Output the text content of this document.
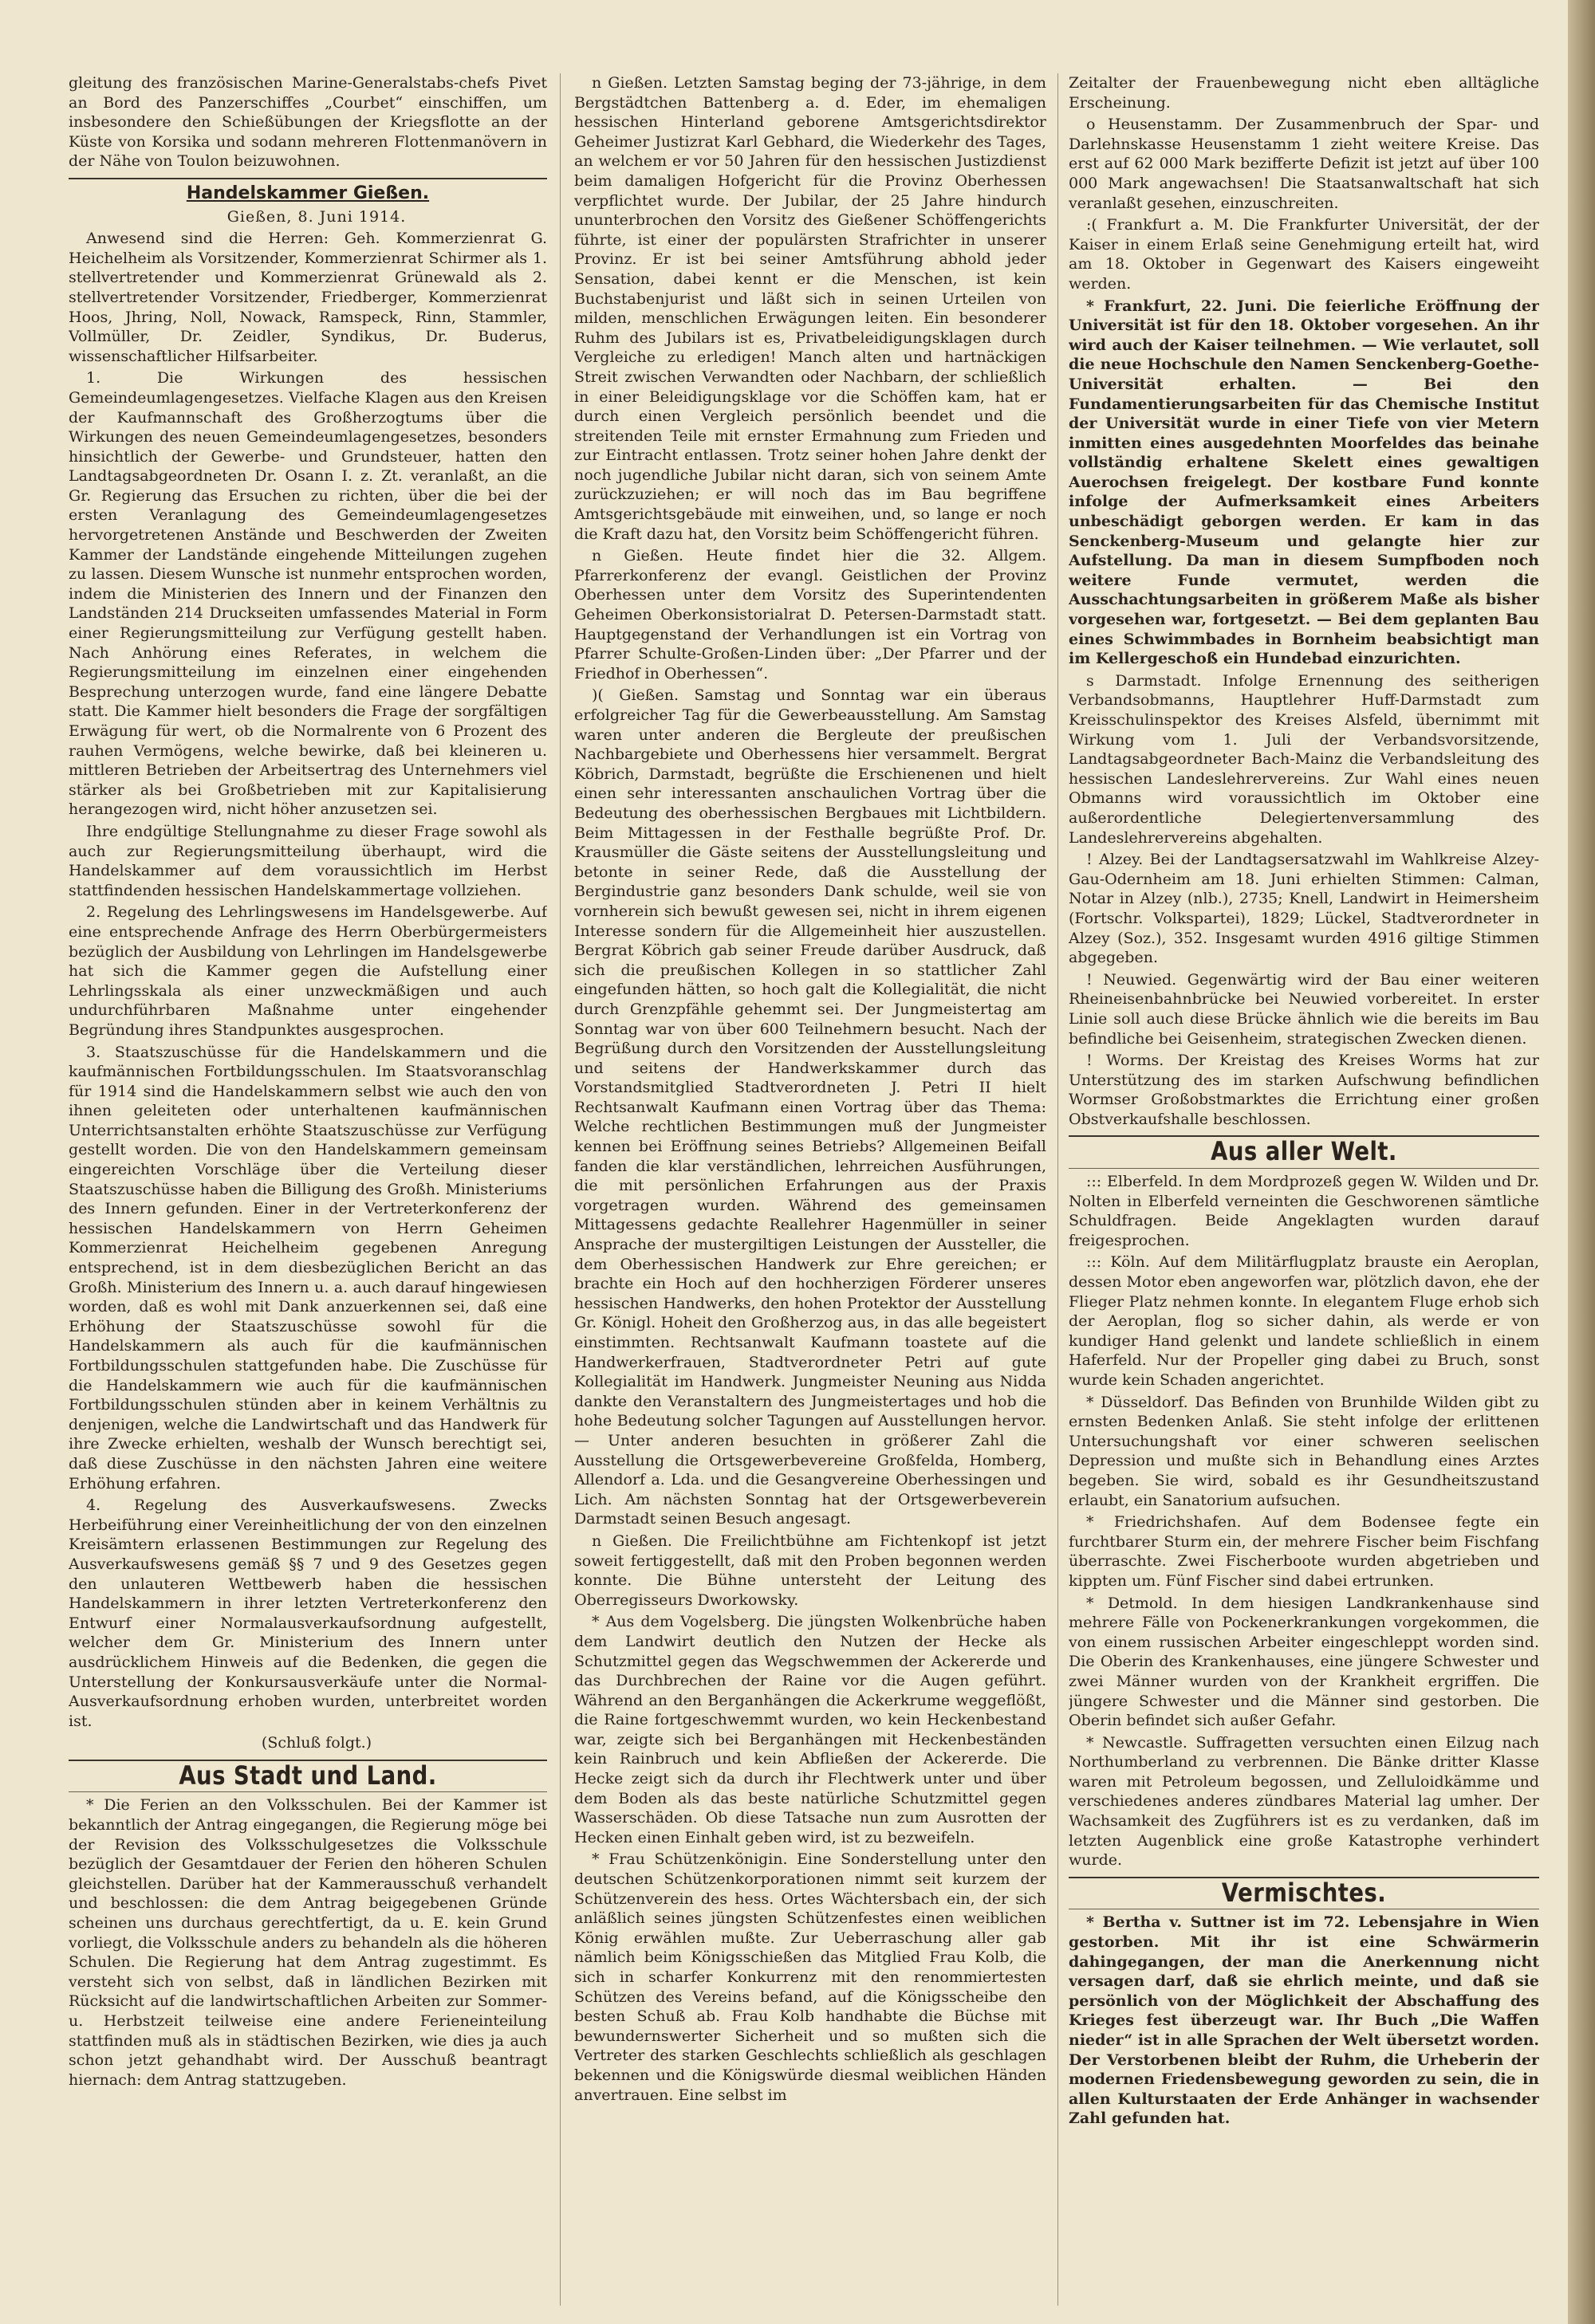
gleitung des französischen Marine-Generalstabs-chefs Pivet an Bord des Panzerschiffes „Courbet“ einschiffen, um insbesondere den Schießübungen der Kriegsflotte an der Küste von Korsika und sodann mehreren Flottenmanövern in der Nähe von Toulon beizuwohnen.

Handelskammer Gießen.

Gießen, 8. Juni 1914.

Anwesend sind die Herren: Geh. Kommerzienrat G. Heichelheim als Vorsitzender, Kommerzienrat Schirmer als 1. stellvertretender und Kommerzienrat Grünewald als 2. stellvertretender Vorsitzender, Friedberger, Kommerzienrat Hoos, Jhring, Noll, Nowack, Ramspeck, Rinn, Stammler, Vollmüller, Dr. Zeidler, Syndikus, Dr. Buderus, wissenschaftlicher Hilfsarbeiter.

1. Die Wirkungen des hessischen Gemeindeumlagengesetzes. Vielfache Klagen aus den Kreisen der Kaufmannschaft des Großherzogtums über die Wirkungen des neuen Gemeindeumlagengesetzes, besonders hinsichtlich der Gewerbe- und Grundsteuer, hatten den Landtagsabgeordneten Dr. Osann I. z. Zt. veranlaßt, an die Gr. Regierung das Ersuchen zu richten, über die bei der ersten Veranlagung des Gemeindeumlagengesetzes hervorgetretenen Anstände und Beschwerden der Zweiten Kammer der Landstände eingehende Mitteilungen zugehen zu lassen. Diesem Wunsche ist nunmehr entsprochen worden, indem die Ministerien des Innern und der Finanzen den Landständen 214 Druckseiten umfassendes Material in Form einer Regierungsmitteilung zur Verfügung gestellt haben. Nach Anhörung eines Referates, in welchem die Regierungsmitteilung im einzelnen einer eingehenden Besprechung unterzogen wurde, fand eine längere Debatte statt. Die Kammer hielt besonders die Frage der sorgfältigen Erwägung für wert, ob die Normalrente von 6 Prozent des rauhen Vermögens, welche bewirke, daß bei kleineren u. mittleren Betrieben der Arbeitsertrag des Unternehmers viel stärker als bei Großbetrieben mit zur Kapitalisierung herangezogen wird, nicht höher anzusetzen sei.

Ihre endgültige Stellungnahme zu dieser Frage sowohl als auch zur Regierungsmitteilung überhaupt, wird die Handelskammer auf dem voraussichtlich im Herbst stattfindenden hessischen Handelskammertage vollziehen.

2. Regelung des Lehrlingswesens im Handelsgewerbe. Auf eine entsprechende Anfrage des Herrn Oberbürgermeisters bezüglich der Ausbildung von Lehrlingen im Handelsgewerbe hat sich die Kammer gegen die Aufstellung einer Lehrlingsskala als einer unzweckmäßigen und auch undurchführbaren Maßnahme unter eingehender Begründung ihres Standpunktes ausgesprochen.

3. Staatszuschüsse für die Handelskammern und die kaufmännischen Fortbildungsschulen. Im Staatsvoranschlag für 1914 sind die Handelskammern selbst wie auch den von ihnen geleiteten oder unterhaltenen kaufmännischen Unterrichtsanstalten erhöhte Staatszuschüsse zur Verfügung gestellt worden. Die von den Handelskammern gemeinsam eingereichten Vorschläge über die Verteilung dieser Staatszuschüsse haben die Billigung des Großh. Ministeriums des Innern gefunden. Einer in der Vertreterkonferenz der hessischen Handelskammern von Herrn Geheimen Kommerzienrat Heichelheim gegebenen Anregung entsprechend, ist in dem diesbezüglichen Bericht an das Großh. Ministerium des Innern u. a. auch darauf hingewiesen worden, daß es wohl mit Dank anzuerkennen sei, daß eine Erhöhung der Staatszuschüsse sowohl für die Handelskammern als auch für die kaufmännischen Fortbildungsschulen stattgefunden habe. Die Zuschüsse für die Handelskammern wie auch für die kaufmännischen Fortbildungsschulen stünden aber in keinem Verhältnis zu denjenigen, welche die Landwirtschaft und das Handwerk für ihre Zwecke erhielten, weshalb der Wunsch berechtigt sei, daß diese Zuschüsse in den nächsten Jahren eine weitere Erhöhung erfahren.

4. Regelung des Ausverkaufswesens. Zwecks Herbeiführung einer Vereinheitlichung der von den einzelnen Kreisämtern erlassenen Bestimmungen zur Regelung des Ausverkaufswesens gemäß §§ 7 und 9 des Gesetzes gegen den unlauteren Wettbewerb haben die hessischen Handelskammern in ihrer letzten Vertreterkonferenz den Entwurf einer Normalausverkaufsordnung aufgestellt, welcher dem Gr. Ministerium des Innern unter ausdrücklichem Hinweis auf die Bedenken, die gegen die Unterstellung der Konkursausverkäufe unter die Normal-Ausverkaufsordnung erhoben wurden, unterbreitet worden ist.

(Schluß folgt.)

Aus Stadt und Land.

* Die Ferien an den Volksschulen. Bei der Kammer ist bekanntlich der Antrag eingegangen, die Regierung möge bei der Revision des Volksschulgesetzes die Volksschule bezüglich der Gesamtdauer der Ferien den höheren Schulen gleichstellen. Darüber hat der Kammerausschuß verhandelt und beschlossen: die dem Antrag beigegebenen Gründe scheinen uns durchaus gerechtfertigt, da u. E. kein Grund vorliegt, die Volksschule anders zu behandeln als die höheren Schulen. Die Regierung hat dem Antrag zugestimmt. Es versteht sich von selbst, daß in ländlichen Bezirken mit Rücksicht auf die landwirtschaftlichen Arbeiten zur Sommer- u. Herbstzeit teilweise eine andere Ferieneinteilung stattfinden muß als in städtischen Bezirken, wie dies ja auch schon jetzt gehandhabt wird. Der Ausschuß beantragt hiernach: dem Antrag stattzugeben.

n Gießen. Letzten Samstag beging der 73-jährige, in dem Bergstädtchen Battenberg a. d. Eder, im ehemaligen hessischen Hinterland geborene Amtsgerichtsdirektor Geheimer Justizrat Karl Gebhard, die Wiederkehr des Tages, an welchem er vor 50 Jahren für den hessischen Justizdienst beim damaligen Hofgericht für die Provinz Oberhessen verpflichtet wurde. Der Jubilar, der 25 Jahre hindurch ununterbrochen den Vorsitz des Gießener Schöffengerichts führte, ist einer der populärsten Strafrichter in unserer Provinz. Er ist bei seiner Amtsführung abhold jeder Sensation, dabei kennt er die Menschen, ist kein Buchstabenjurist und läßt sich in seinen Urteilen von milden, menschlichen Erwägungen leiten. Ein besonderer Ruhm des Jubilars ist es, Privatbeleidigungsklagen durch Vergleiche zu erledigen! Manch alten und hartnäckigen Streit zwischen Verwandten oder Nachbarn, der schließlich in einer Beleidigungsklage vor die Schöffen kam, hat er durch einen Vergleich persönlich beendet und die streitenden Teile mit ernster Ermahnung zum Frieden und zur Eintracht entlassen. Trotz seiner hohen Jahre denkt der noch jugendliche Jubilar nicht daran, sich von seinem Amte zurückzuziehen; er will noch das im Bau begriffene Amtsgerichtsgebäude mit einweihen, und, so lange er noch die Kraft dazu hat, den Vorsitz beim Schöffengericht führen.

n Gießen. Heute findet hier die 32. Allgem. Pfarrerkonferenz der evangl. Geistlichen der Provinz Oberhessen unter dem Vorsitz des Superintendenten Geheimen Oberkonsistorialrat D. Petersen-Darmstadt statt. Hauptgegenstand der Verhandlungen ist ein Vortrag von Pfarrer Schulte-Großen-Linden über: „Der Pfarrer und der Friedhof in Oberhessen“.

)( Gießen. Samstag und Sonntag war ein überaus erfolgreicher Tag für die Gewerbeausstellung. Am Samstag waren unter anderen die Bergleute der preußischen Nachbargebiete und Oberhessens hier versammelt. Bergrat Köbrich, Darmstadt, begrüßte die Erschienenen und hielt einen sehr interessanten anschaulichen Vortrag über die Bedeutung des oberhessischen Bergbaues mit Lichtbildern. Beim Mittagessen in der Festhalle begrüßte Prof. Dr. Krausmüller die Gäste seitens der Ausstellungsleitung und betonte in seiner Rede, daß die Ausstellung der Bergindustrie ganz besonders Dank schulde, weil sie von vornherein sich bewußt gewesen sei, nicht in ihrem eigenen Interesse sondern für die Allgemeinheit hier auszustellen. Bergrat Köbrich gab seiner Freude darüber Ausdruck, daß sich die preußischen Kollegen in so stattlicher Zahl eingefunden hätten, so hoch galt die Kollegialität, die nicht durch Grenzpfähle gehemmt sei. Der Jungmeistertag am Sonntag war von über 600 Teilnehmern besucht. Nach der Begrüßung durch den Vorsitzenden der Ausstellungsleitung und seitens der Handwerkskammer durch das Vorstandsmitglied Stadtverordneten J. Petri II hielt Rechtsanwalt Kaufmann einen Vortrag über das Thema: Welche rechtlichen Bestimmungen muß der Jungmeister kennen bei Eröffnung seines Betriebs? Allgemeinen Beifall fanden die klar verständlichen, lehrreichen Ausführungen, die mit persönlichen Erfahrungen aus der Praxis vorgetragen wurden. Während des gemeinsamen Mittagessens gedachte Reallehrer Hagenmüller in seiner Ansprache der mustergiltigen Leistungen der Aussteller, die dem Oberhessischen Handwerk zur Ehre gereichen; er brachte ein Hoch auf den hochherzigen Förderer unseres hessischen Handwerks, den hohen Protektor der Ausstellung Gr. Königl. Hoheit den Großherzog aus, in das alle begeistert einstimmten. Rechtsanwalt Kaufmann toastete auf die Handwerkerfrauen, Stadtverordneter Petri auf gute Kollegialität im Handwerk. Jungmeister Neuning aus Nidda dankte den Veranstaltern des Jungmeistertages und hob die hohe Bedeutung solcher Tagungen auf Ausstellungen hervor. — Unter anderen besuchten in größerer Zahl die Ausstellung die Ortsgewerbevereine Großfelda, Homberg, Allendorf a. Lda. und die Gesangvereine Oberhessingen und Lich. Am nächsten Sonntag hat der Ortsgewerbeverein Darmstadt seinen Besuch angesagt.

n Gießen. Die Freilichtbühne am Fichtenkopf ist jetzt soweit fertiggestellt, daß mit den Proben begonnen werden konnte. Die Bühne untersteht der Leitung des Oberregisseurs Dworkowsky.

* Aus dem Vogelsberg. Die jüngsten Wolkenbrüche haben dem Landwirt deutlich den Nutzen der Hecke als Schutzmittel gegen das Wegschwemmen der Ackererde und das Durchbrechen der Raine vor die Augen geführt. Während an den Berganhängen die Ackerkrume weggeflößt, die Raine fortgeschwemmt wurden, wo kein Heckenbestand war, zeigte sich bei Berganhängen mit Heckenbeständen kein Rainbruch und kein Abfließen der Ackererde. Die Hecke zeigt sich da durch ihr Flechtwerk unter und über dem Boden als das beste natürliche Schutzmittel gegen Wasserschäden. Ob diese Tatsache nun zum Ausrotten der Hecken einen Einhalt geben wird, ist zu bezweifeln.

* Frau Schützenkönigin. Eine Sonderstellung unter den deutschen Schützenkorporationen nimmt seit kurzem der Schützenverein des hess. Ortes Wächtersbach ein, der sich anläßlich seines jüngsten Schützenfestes einen weiblichen König erwählen mußte. Zur Ueberraschung aller gab nämlich beim Königsschießen das Mitglied Frau Kolb, die sich in scharfer Konkurrenz mit den renommiertesten Schützen des Vereins befand, auf die Königsscheibe den besten Schuß ab. Frau Kolb handhabte die Büchse mit bewundernswerter Sicherheit und so mußten sich die Vertreter des starken Geschlechts schließlich als geschlagen bekennen und die Königswürde diesmal weiblichen Händen anvertrauen. Eine selbst im

Zeitalter der Frauenbewegung nicht eben alltägliche Erscheinung.

o Heusenstamm. Der Zusammenbruch der Spar- und Darlehnskasse Heusenstamm 1 zieht weitere Kreise. Das erst auf 62 000 Mark bezifferte Defizit ist jetzt auf über 100 000 Mark angewachsen! Die Staatsanwaltschaft hat sich veranlaßt gesehen, einzuschreiten.

:( Frankfurt a. M. Die Frankfurter Universität, der der Kaiser in einem Erlaß seine Genehmigung erteilt hat, wird am 18. Oktober in Gegenwart des Kaisers eingeweiht werden.

* Frankfurt, 22. Juni. Die feierliche Eröffnung der Universität ist für den 18. Oktober vorgesehen. An ihr wird auch der Kaiser teilnehmen. — Wie verlautet, soll die neue Hochschule den Namen Senckenberg-Goethe-Universität erhalten. — Bei den Fundamentierungsarbeiten für das Chemische Institut der Universität wurde in einer Tiefe von vier Metern inmitten eines ausgedehnten Moorfeldes das beinahe vollständig erhaltene Skelett eines gewaltigen Auerochsen freigelegt. Der kostbare Fund konnte infolge der Aufmerksamkeit eines Arbeiters unbeschädigt geborgen werden. Er kam in das Senckenberg-Museum und gelangte hier zur Aufstellung. Da man in diesem Sumpfboden noch weitere Funde vermutet, werden die Ausschachtungsarbeiten in größerem Maße als bisher vorgesehen war, fortgesetzt. — Bei dem geplanten Bau eines Schwimmbades in Bornheim beabsichtigt man im Kellergeschoß ein Hundebad einzurichten.

s Darmstadt. Infolge Ernennung des seitherigen Verbandsobmanns, Hauptlehrer Huff-Darmstadt zum Kreisschulinspektor des Kreises Alsfeld, übernimmt mit Wirkung vom 1. Juli der Verbandsvorsitzende, Landtagsabgeordneter Bach-Mainz die Verbandsleitung des hessischen Landeslehrervereins. Zur Wahl eines neuen Obmanns wird voraussichtlich im Oktober eine außerordentliche Delegiertenversammlung des Landeslehrervereins abgehalten.

! Alzey. Bei der Landtagsersatzwahl im Wahlkreise Alzey-Gau-Odernheim am 18. Juni erhielten Stimmen: Calman, Notar in Alzey (nlb.), 2735; Knell, Landwirt in Heimersheim (Fortschr. Volkspartei), 1829; Lückel, Stadtverordneter in Alzey (Soz.), 352. Insgesamt wurden 4916 giltige Stimmen abgegeben.

! Neuwied. Gegenwärtig wird der Bau einer weiteren Rheineisenbahnbrücke bei Neuwied vorbereitet. In erster Linie soll auch diese Brücke ähnlich wie die bereits im Bau befindliche bei Geisenheim, strategischen Zwecken dienen.

! Worms. Der Kreistag des Kreises Worms hat zur Unterstützung des im starken Aufschwung befindlichen Wormser Großobstmarktes die Errichtung einer großen Obstverkaufshalle beschlossen.

Aus aller Welt.

::: Elberfeld. In dem Mordprozeß gegen W. Wilden und Dr. Nolten in Elberfeld verneinten die Geschworenen sämtliche Schuldfragen. Beide Angeklagten wurden darauf freigesprochen.

::: Köln. Auf dem Militärflugplatz brauste ein Aeroplan, dessen Motor eben angeworfen war, plötzlich davon, ehe der Flieger Platz nehmen konnte. In elegantem Fluge erhob sich der Aeroplan, flog so sicher dahin, als werde er von kundiger Hand gelenkt und landete schließlich in einem Haferfeld. Nur der Propeller ging dabei zu Bruch, sonst wurde kein Schaden angerichtet.

* Düsseldorf. Das Befinden von Brunhilde Wilden gibt zu ernsten Bedenken Anlaß. Sie steht infolge der erlittenen Untersuchungshaft vor einer schweren seelischen Depression und mußte sich in Behandlung eines Arztes begeben. Sie wird, sobald es ihr Gesundheitszustand erlaubt, ein Sanatorium aufsuchen.

* Friedrichshafen. Auf dem Bodensee fegte ein furchtbarer Sturm ein, der mehrere Fischer beim Fischfang überraschte. Zwei Fischerboote wurden abgetrieben und kippten um. Fünf Fischer sind dabei ertrunken.

* Detmold. In dem hiesigen Landkrankenhause sind mehrere Fälle von Pockenerkrankungen vorgekommen, die von einem russischen Arbeiter eingeschleppt worden sind. Die Oberin des Krankenhauses, eine jüngere Schwester und zwei Männer wurden von der Krankheit ergriffen. Die jüngere Schwester und die Männer sind gestorben. Die Oberin befindet sich außer Gefahr.

* Newcastle. Suffragetten versuchten einen Eilzug nach Northumberland zu verbrennen. Die Bänke dritter Klasse waren mit Petroleum begossen, und Zelluloidkämme und verschiedenes anderes zündbares Material lag umher. Der Wachsamkeit des Zugführers ist es zu verdanken, daß im letzten Augenblick eine große Katastrophe verhindert wurde.

Vermischtes.

* Bertha v. Suttner ist im 72. Lebensjahre in Wien gestorben. Mit ihr ist eine Schwärmerin dahingegangen, der man die Anerkennung nicht versagen darf, daß sie ehrlich meinte, und daß sie persönlich von der Möglichkeit der Abschaffung des Krieges fest überzeugt war. Ihr Buch „Die Waffen nieder“ ist in alle Sprachen der Welt übersetzt worden. Der Verstorbenen bleibt der Ruhm, die Urheberin der modernen Friedensbewegung geworden zu sein, die in allen Kulturstaaten der Erde Anhänger in wachsender Zahl gefunden hat.
